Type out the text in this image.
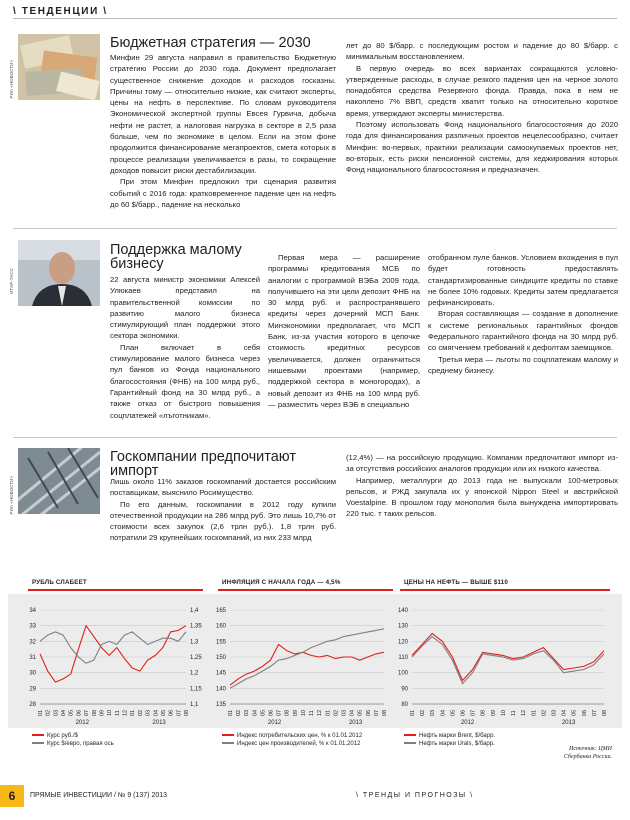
\ ТЕНДЕНЦИИ \
РИА «НОВОСТИ»
Бюджетная стратегия — 2030

Минфин 29 августа направил в правительство Бюджетную стратегию России до 2030 года. Документ предполагает существенное снижение доходов и расходов госказны. Причины тому — относительно низкие, как считают эксперты, цены на нефть в перспективе. По словам руководителя Экономической экспертной группы Евсея Гурвича, добыча нефти не растет, а налоговая нагрузка в секторе в 2,5 раза больше, чем по экономике в целом. Если на этом фоне продолжится финансирование мегапроектов, смета которых в процессе реализации увеличивается в разы, то сокращение доходов повысит риски дестабилизации.

При этом Минфин предложил три сценария развития событий с 2016 года: кратковременное падение цен на нефть до 60 $/барр., падение на несколько

лет до 80 $/барр. с последующим ростом и падение до 80 $/барр. с минимальным восстановлением.

В первую очередь во всех вариантах сокращаются условно-утвержденные расходы, в случае резкого падения цен на черное золото понадобятся средства Резервного фонда. Правда, пока в нем не накоплено 7% ВВП, средств хватит только на относительно короткое время, утверждают эксперты министерства.

Поэтому использовать Фонд национального благосостояния до 2020 года для финансирования различных проектов нецелесообразно, считает Минфин: во-первых, практики реализации самоокупаемых проектов нет, во-вторых, есть риски пенсионной системы, для хеджирования которых Фонд национального благосостояния и предназначен.

ИТАР-ТАСС
Поддержка малому бизнесу

22 августа министр экономики Алексей Улюкаев представил на правительственной комиссии по развитию малого бизнеса стимулирующий план поддержки этого сектора экономики.

План включает в себя стимулирование малого бизнеса через пул банков из Фонда национального благосостояния (ФНБ) на 100 млрд руб., Гарантийный фонд на 30 млрд руб., а также отказ от быстрого повышения соцплатежей «лъготникам».

Первая мера — расширение программы кредитования МСБ по аналогии с программой ВЭБа 2009 года, получившего на эти цели депозит ФНБ на 30 млрд руб. и распространявшего кредиты через дочерний МСП Банк. Минэкономики предполагает, что МСП Банк, из-за участия которого в цепочке стоимость кредитных ресурсов увеличивается, должен ограничиться нишевыми проектами (например, поддержкой сектора в моногородах), а новый депозит из ФНБ на 100 млрд руб. — разместить через ВЭБ в специально

отобранном пуле банков. Условием вхождения в пул будет готовность предоставлять стандартизированные синдиците кредиты по ставке не более 10% годовых. Кредиты затем предлагается рефинансировать.

Вторая составляющая — создание в дополнение к системе региональных гарантийных фондов Федерального гарантийного фонда на 30 млрд руб. со смягчением требований к дефолтам заемщиков.

Третья мера — льготы по соцплатежам малому и среднему бизнесу.

РИА «НОВОСТИ»
Госкомпании предпочитают импорт

Лишь около 11% заказов госкомпаний достается российским поставщикам, выяснило Росимущество.

По его данным, госкомпании в 2012 году купили отечественной продукции на 286 млрд руб. Это лишь 10,7% от стоимости всех закупок (2,6 трлн руб.). 1,8 трлн руб. потратили 29 крупнейших госкомпаний, из них 233 млрд

(12,4%) — на российскую продукцию. Компании предпочитают импорт из-за отсутствия российских аналогов продукции или их низкого качества.

Например, металлурги до 2013 года не выпускали 100-метровых рельсов, и РЖД закупала их у японской Nippon Steel и австрийской Voestalpine. В прошлом году монополия была вынуждена импортировать 220 тыс. т таких рельсов.

РУБЛЬ СЛАБЕЕТ	ИНФЛЯЦИЯ С НАЧАЛА ГОДА — 4,5%	ЦЕНЫ НА НЕФТЬ — ВЫШЕ $110
28
29
30
31
32
33
34
1,1
1,15
1,2
1,25
1,3
1,35
1,4
01 02 03 04 05 06 07 08 09 10 11 12 01 02 03 04 05 06 07 08
2012	2013
135
140
145
150
155
160
165
01 02 03 04 05 06 07 08 09 10 11 12 01 02 03 04 05 06 07 08
2012	2013
80
90
100
110
120
130
140
01 02 03 04 05 06 07 08 09 10 11 12 01 02 03 04 05 06 07 08
2012	2013
Курс руб./$
Курс $/евро, правая ось
Индекс потребительских цен, % к 01.01.2012
Индекс цен производителей, % к 01.01.2012
Нефть марки Brent, $/барр.
Нефть марки Urals, $/барр.
Источник: ЦМИ
Сбербанка России.
6	ПРЯМЫЕ ИНВЕСТИЦИИ / № 9 (137) 2013	\ ТРЕНДЫ И ПРОГНОЗЫ \
